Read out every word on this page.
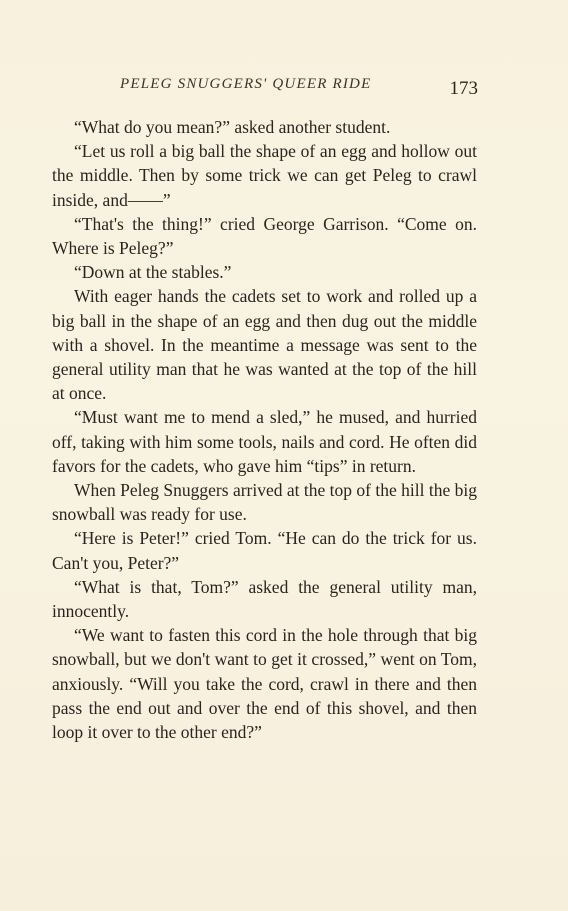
PELEG SNUGGERS' QUEER RIDE	173

“What do you mean?” asked another student.

“Let us roll a big ball the shape of an egg and hollow out the middle. Then by some trick we can get Peleg to crawl inside, and——”

“That's the thing!” cried George Garrison. “Come on. Where is Peleg?”

“Down at the stables.”

With eager hands the cadets set to work and rolled up a big ball in the shape of an egg and then dug out the middle with a shovel. In the meantime a message was sent to the general utility man that he was wanted at the top of the hill at once.

“Must want me to mend a sled,” he mused, and hurried off, taking with him some tools, nails and cord. He often did favors for the cadets, who gave him “tips” in return.

When Peleg Snuggers arrived at the top of the hill the big snowball was ready for use.

“Here is Peter!” cried Tom. “He can do the trick for us. Can't you, Peter?”

“What is that, Tom?” asked the general utility man, innocently.

“We want to fasten this cord in the hole through that big snowball, but we don't want to get it crossed,” went on Tom, anxiously. “Will you take the cord, crawl in there and then pass the end out and over the end of this shovel, and then loop it over to the other end?”
